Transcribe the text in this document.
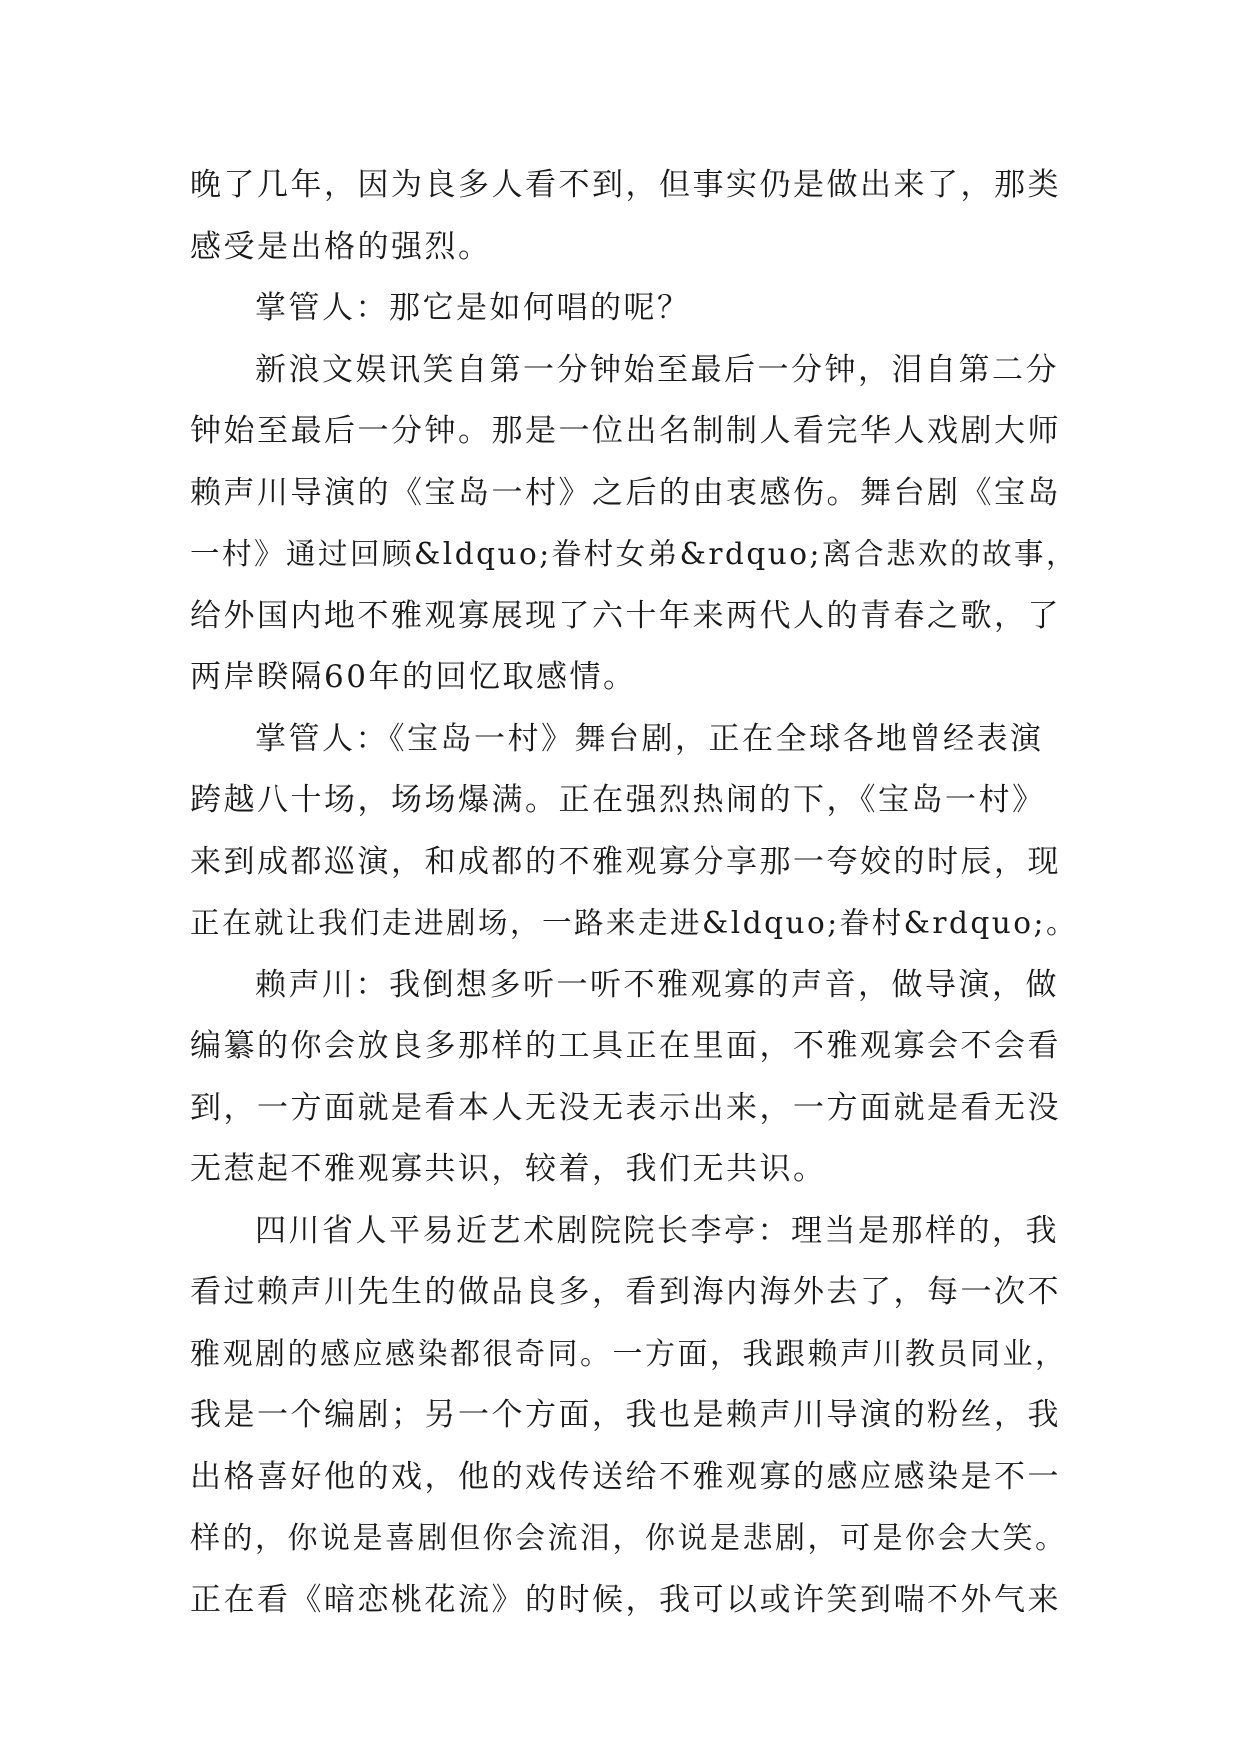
晚了几年，因为良多人看不到，但事实仍是做出来了，那类
感受是出格的强烈。
掌管人：那它是如何唱的呢？
新浪文娱讯笑自第一分钟始至最后一分钟，泪自第二分
钟始至最后一分钟。那是一位出名制制人看完华人戏剧大师
赖声川导演的《宝岛一村》之后的由衷感伤。舞台剧《宝岛
一村》通过回顾&ldquo;眷村女弟&rdquo;离合悲欢的故事，
给外国内地不雅观寡展现了六十年来两代人的青春之歌，了
两岸睽隔60年的回忆取感情。
掌管人：《宝岛一村》舞台剧，正在全球各地曾经表演
跨越八十场，场场爆满。正在强烈热闹的下，《宝岛一村》
来到成都巡演，和成都的不雅观寡分享那一夸姣的时辰，现
正在就让我们走进剧场，一路来走进&ldquo;眷村&rdquo;。
赖声川：我倒想多听一听不雅观寡的声音，做导演，做
编纂的你会放良多那样的工具正在里面，不雅观寡会不会看
到，一方面就是看本人无没无表示出来，一方面就是看无没
无惹起不雅观寡共识，较着，我们无共识。
四川省人平易近艺术剧院院长李亭：理当是那样的，我
看过赖声川先生的做品良多，看到海内海外去了，每一次不
雅观剧的感应感染都很奇同。一方面，我跟赖声川教员同业，
我是一个编剧；另一个方面，我也是赖声川导演的粉丝，我
出格喜好他的戏，他的戏传送给不雅观寡的感应感染是不一
样的，你说是喜剧但你会流泪，你说是悲剧，可是你会大笑。
正在看《暗恋桃花流》的时候，我可以或许笑到喘不外气来
